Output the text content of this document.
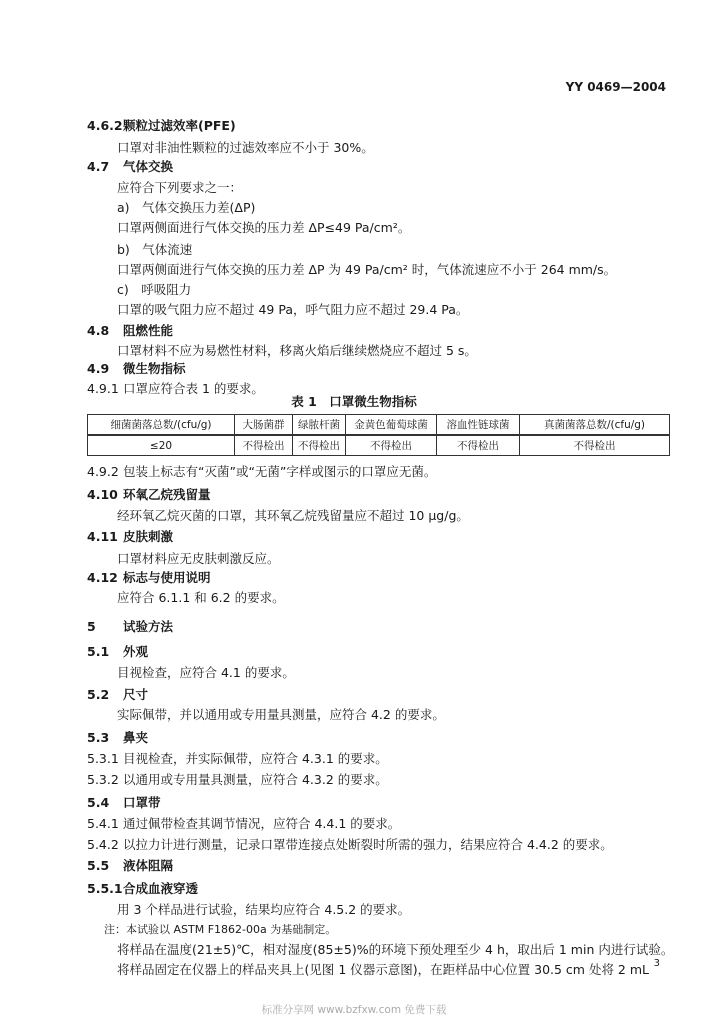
YY 0469—2004
4.6.2颗粒过滤效率(PFE)
口罩对非油性颗粒的过滤效率应不小于 30%。
4.7 气体交换
应符合下列要求之一：
a)　气体交换压力差(ΔP)
口罩两侧面进行气体交换的压力差 ΔP≤49 Pa/cm²。
b)　气体流速
口罩两侧面进行气体交换的压力差 ΔP 为 49 Pa/cm² 时，气体流速应不小于 264 mm/s。
c)　呼吸阻力
口罩的吸气阻力应不超过 49 Pa，呼气阻力应不超过 29.4 Pa。
4.8 阻燃性能
口罩材料不应为易燃性材料，移离火焰后继续燃烧应不超过 5 s。
4.9 微生物指标
4.9.1 口罩应符合表 1 的要求。
表 1　口罩微生物指标
细菌菌落总数/(cfu/g)	大肠菌群	绿脓杆菌	金黄色葡萄球菌	溶血性链球菌	真菌菌落总数/(cfu/g)
≤20	不得检出	不得检出	不得检出	不得检出	不得检出
4.9.2 包装上标志有“灭菌”或“无菌”字样或图示的口罩应无菌。
4.10 环氧乙烷残留量
经环氧乙烷灭菌的口罩，其环氧乙烷残留量应不超过 10 μg/g。
4.11 皮肤刺激
口罩材料应无皮肤刺激反应。
4.12 标志与使用说明
应符合 6.1.1 和 6.2 的要求。
5 试验方法
5.1 外观
目视检查，应符合 4.1 的要求。
5.2 尺寸
实际佩带，并以通用或专用量具测量，应符合 4.2 的要求。
5.3 鼻夹
5.3.1 目视检查，并实际佩带，应符合 4.3.1 的要求。
5.3.2 以通用或专用量具测量，应符合 4.3.2 的要求。
5.4 口罩带
5.4.1 通过佩带检查其调节情况，应符合 4.4.1 的要求。
5.4.2 以拉力计进行测量，记录口罩带连接点处断裂时所需的强力，结果应符合 4.4.2 的要求。
5.5 液体阻隔
5.5.1合成血液穿透
用 3 个样品进行试验，结果均应符合 4.5.2 的要求。
注：本试验以 ASTM F1862-00a 为基础制定。
将样品在温度(21±5)℃，相对湿度(85±5)%的环境下预处理至少 4 h，取出后 1 min 内进行试验。
将样品固定在仪器上的样品夹具上(见图 1 仪器示意图)，在距样品中心位置 30.5 cm 处将 2 mL 3
标准分享网 www.bzfxw.com 免费下载
